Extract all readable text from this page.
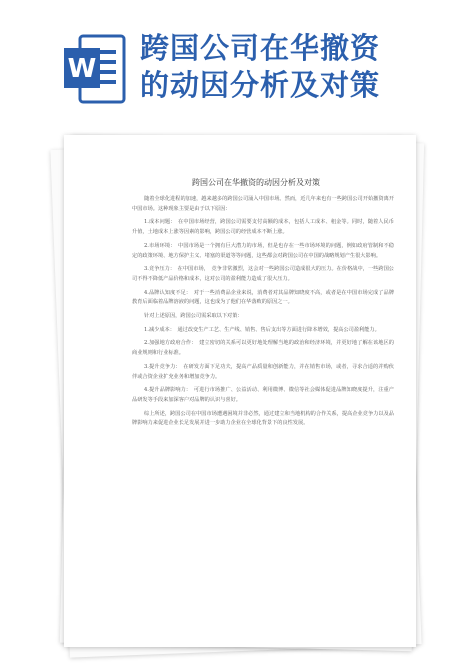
W
跨国公司在华撤资
的动因分析及对策
跨国公司在华撤资的动因分析及对策

随着全球化进程的加速，越来越多的跨国公司涌入中国市场。然而，近几年来也有一些跨国公司开始撤资离开中国市场。这种现象主要是由于以下原因：

1.成本问题：　在中国市场经营，跨国公司需要支付高额的成本，包括人工成本、租金等。同时，随着人民币升值，土地成本上涨等因素的影响，跨国公司的经营成本不断上涨。

2.市场环境：　中国市场是一个拥有巨大潜力的市场，但是也存在一些市场环境的问题，例如政府管制和不稳定的政策环境、地方保护主义、堵塞的渠道等等问题，这些都会对跨国公司在中国的战略规划产生很大影响。

3.竞争压力：　在中国市场，　竞争非常激烈，这会对一些跨国公司造成很大的压力。在价格战中，一些跨国公司不得不降低产品价格和成本，这对公司的盈利能力造成了很大压力。

4.品牌认知度不足：　对于一些消费品企业来说，消费者对其品牌知晓度不高，或者是在中国市场完成了品牌教育后面临着品牌溶液的问题，这也成为了他们在华落败的原因之一。

针对上述原因，跨国公司需采取以下对策：

1.减少成本：　通过改变生产工艺、生产线、销售、售后支出等方面进行降本增效，提高公司盈利能力。

2.加强地方政府合作：　建立密切的关系可以更好地处理解当地的政治和经济环境，并更好地了解在该地区的商业规则和行业标准。

3.提升竞争力：　在研发方面下足功夫，提高产品质量和创新能力，并在销售市场，或者，寻求合适的并购伙伴或合资企业扩充业务和增加竞争力。

4.提升品牌影响力：　可进行市场推广、公益活动、利用微博、微信等社会媒体促进品牌知晓度提升，注重产品研发等手段来加深客户对品牌的认识与喜好。

综上所述，跨国公司在中国市场遭遇困境并非必然，通过建立和当地机构的合作关系，提高企业竞争力以及品牌影响力来促进企业长足发展并进一步助力企业在全球化背景下的良性发展。
